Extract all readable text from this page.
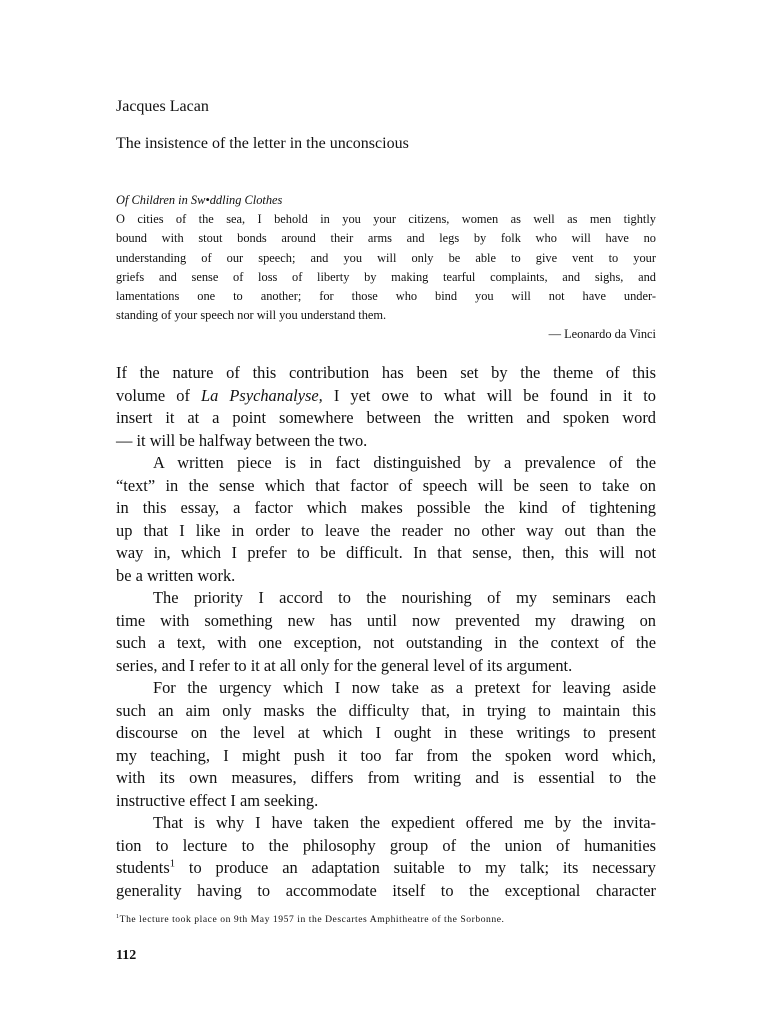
Jacques Lacan
The insistence of the letter in the unconscious

Of Children in Sw•ddling Clothes

O cities of the sea, I behold in you your citizens, women as well as men tightly

bound with stout bonds around their arms and legs by folk who will have no

understanding of our speech; and you will only be able to give vent to your

griefs and sense of loss of liberty by making tearful complaints, and sighs, and

lamentations one to another; for those who bind you will not have under-

standing of your speech nor will you understand them.

— Leonardo da Vinci

If the nature of this contribution has been set by the theme of this

volume of La Psychanalyse, I yet owe to what will be found in it to

insert it at a point somewhere between the written and spoken word

— it will be halfway between the two.

A written piece is in fact distinguished by a prevalence of the

“text” in the sense which that factor of speech will be seen to take on

in this essay, a factor which makes possible the kind of tightening

up that I like in order to leave the reader no other way out than the

way in, which I prefer to be difficult. In that sense, then, this will not

be a written work.

The priority I accord to the nourishing of my seminars each

time with something new has until now prevented my drawing on

such a text, with one exception, not outstanding in the context of the

series, and I refer to it at all only for the general level of its argument.

For the urgency which I now take as a pretext for leaving aside

such an aim only masks the difficulty that, in trying to maintain this

discourse on the level at which I ought in these writings to present

my teaching, I might push it too far from the spoken word which,

with its own measures, differs from writing and is essential to the

instructive effect I am seeking.

That is why I have taken the expedient offered me by the invita-

tion to lecture to the philosophy group of the union of humanities

students$^1$ to produce an adaptation suitable to my talk; its necessary

generality having to accommodate itself to the exceptional character

$^1$The lecture took place on 9th May 1957 in the Descartes Amphitheatre of the Sorbonne.
112
